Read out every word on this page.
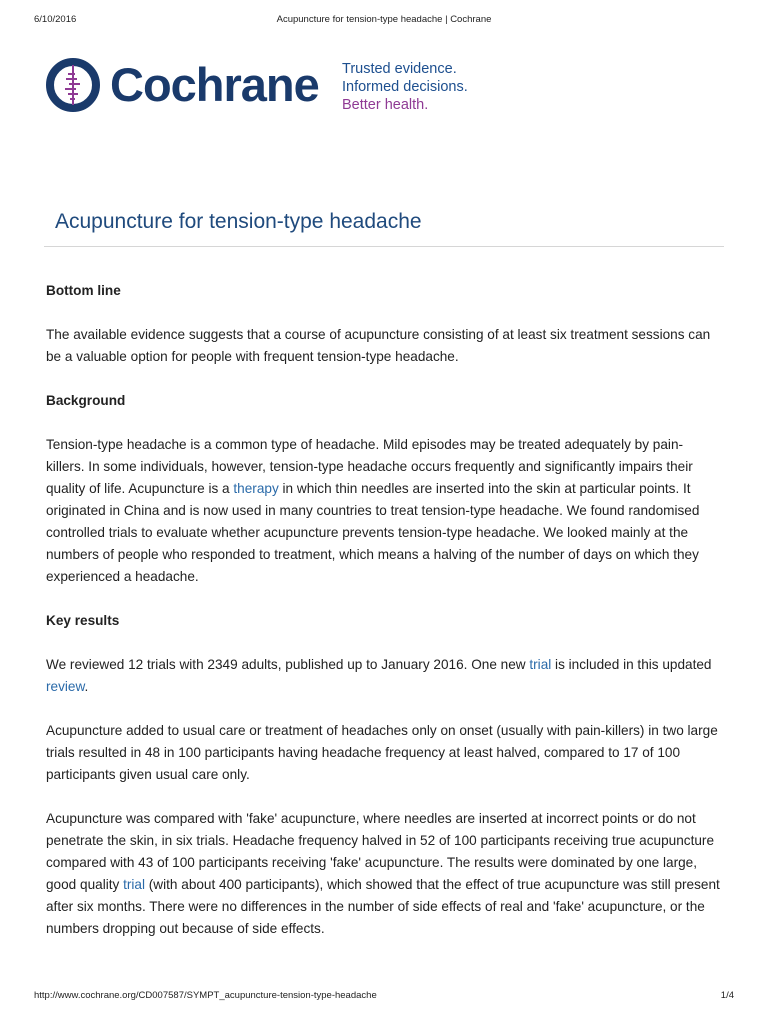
6/10/2016	Acupuncture for tension-type headache | Cochrane
Cochrane Trusted evidence.
Informed decisions.
Better health.
Acupuncture for tension-type headache
Bottom line

The available evidence suggests that a course of acupuncture consisting of at least six treatment sessions can be a valuable option for people with frequent tension-type headache.

Background

Tension-type headache is a common type of headache. Mild episodes may be treated adequately by pain-killers. In some individuals, however, tension-type headache occurs frequently and significantly impairs their quality of life. Acupuncture is a therapy in which thin needles are inserted into the skin at particular points. It originated in China and is now used in many countries to treat tension-type headache. We found randomised controlled trials to evaluate whether acupuncture prevents tension-type headache. We looked mainly at the numbers of people who responded to treatment, which means a halving of the number of days on which they experienced a headache.

Key results

We reviewed 12 trials with 2349 adults, published up to January 2016. One new trial is included in this updated review.

Acupuncture added to usual care or treatment of headaches only on onset (usually with pain-killers) in two large trials resulted in 48 in 100 participants having headache frequency at least halved, compared to 17 of 100 participants given usual care only.

Acupuncture was compared with 'fake' acupuncture, where needles are inserted at incorrect points or do not penetrate the skin, in six trials. Headache frequency halved in 52 of 100 participants receiving true acupuncture compared with 43 of 100 participants receiving 'fake' acupuncture. The results were dominated by one large, good quality trial (with about 400 participants), which showed that the effect of true acupuncture was still present after six months. There were no differences in the number of side effects of real and 'fake' acupuncture, or the numbers dropping out because of side effects.

http://www.cochrane.org/CD007587/SYMPT_acupuncture-tension-type-headache	1/4
